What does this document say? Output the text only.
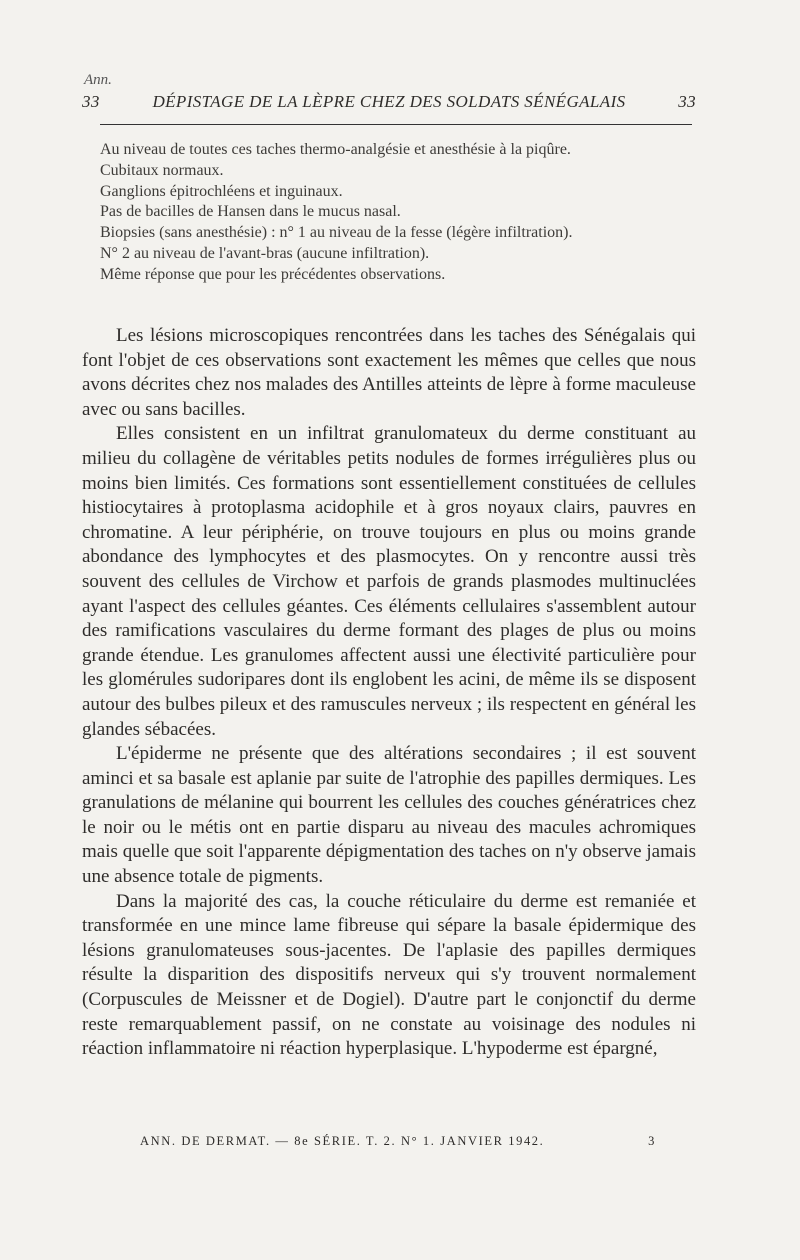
Ann.
33	DÉPISTAGE DE LA LÈPRE CHEZ DES SOLDATS SÉNÉGALAIS	33

Au niveau de toutes ces taches thermo-analgésie et anesthésie à la piqûre.

Cubitaux normaux.

Ganglions épitrochléens et inguinaux.

Pas de bacilles de Hansen dans le mucus nasal.

Biopsies (sans anesthésie) : n° 1 au niveau de la fesse (légère infiltration).

N° 2 au niveau de l'avant-bras (aucune infiltration).

Même réponse que pour les précédentes observations.

Les lésions microscopiques rencontrées dans les taches des Sénégalais qui font l'objet de ces observations sont exactement les mêmes que celles que nous avons décrites chez nos malades des Antilles atteints de lèpre à forme maculeuse avec ou sans bacilles.

Elles consistent en un infiltrat granulomateux du derme constituant au milieu du collagène de véritables petits nodules de formes irrégulières plus ou moins bien limités. Ces formations sont essentiellement constituées de cellules histiocytaires à protoplasma acidophile et à gros noyaux clairs, pauvres en chromatine. A leur périphérie, on trouve toujours en plus ou moins grande abondance des lymphocytes et des plasmocytes. On y rencontre aussi très souvent des cellules de Virchow et parfois de grands plasmodes multinuclées ayant l'aspect des cellules géantes. Ces éléments cellulaires s'assemblent autour des ramifications vasculaires du derme formant des plages de plus ou moins grande étendue. Les granulomes affectent aussi une électivité particulière pour les glomérules sudoripares dont ils englobent les acini, de même ils se disposent autour des bulbes pileux et des ramuscules nerveux ; ils respectent en général les glandes sébacées.

L'épiderme ne présente que des altérations secondaires ; il est souvent aminci et sa basale est aplanie par suite de l'atrophie des papilles dermiques. Les granulations de mélanine qui bourrent les cellules des couches génératrices chez le noir ou le métis ont en partie disparu au niveau des macules achromiques mais quelle que soit l'apparente dépigmentation des taches on n'y observe jamais une absence totale de pigments.

Dans la majorité des cas, la couche réticulaire du derme est remaniée et transformée en une mince lame fibreuse qui sépare la basale épidermique des lésions granulomateuses sous-jacentes. De l'aplasie des papilles dermiques résulte la disparition des dispositifs nerveux qui s'y trouvent normalement (Corpuscules de Meissner et de Dogiel). D'autre part le conjonctif du derme reste remarquablement passif, on ne constate au voisinage des nodules ni réaction inflammatoire ni réaction hyperplasique. L'hypoderme est épargné,

ANN. DE DERMAT. — 8e SÉRIE. T. 2. N° 1. JANVIER 1942.	3
